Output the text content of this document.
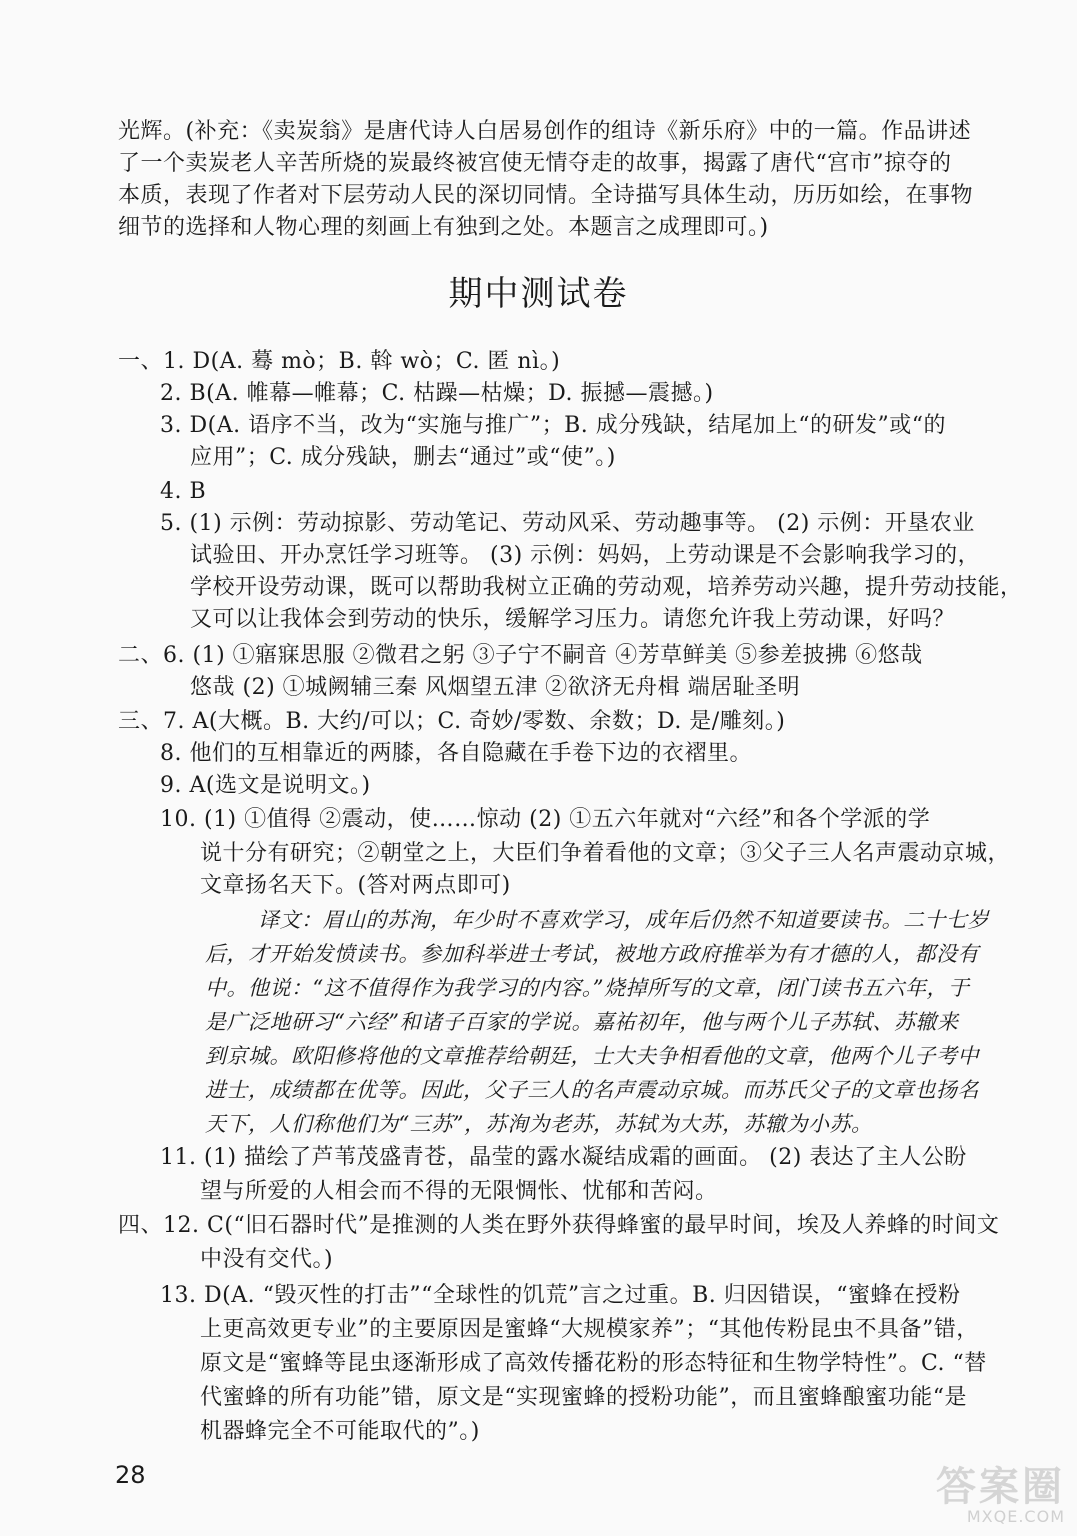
光辉。(补充：《卖炭翁》是唐代诗人白居易创作的组诗《新乐府》中的一篇。作品讲述
了一个卖炭老人辛苦所烧的炭最终被宫使无情夺走的故事，揭露了唐代“宫市”掠夺的
本质，表现了作者对下层劳动人民的深切同情。全诗描写具体生动，历历如绘，在事物
细节的选择和人物心理的刻画上有独到之处。本题言之成理即可。)
期中测试卷
一、1. D(A. 蓦 mò；B. 斡 wò；C. 匿 nì。)
2. B(A. 帷幕—帷幕；C. 枯躁—枯燥；D. 振撼—震撼。)
3. D(A. 语序不当，改为“实施与推广”；B. 成分残缺，结尾加上“的研发”或“的
应用”；C. 成分残缺，删去“通过”或“使”。)
4. B
5. (1) 示例：劳动掠影、劳动笔记、劳动风采、劳动趣事等。 (2) 示例：开垦农业
试验田、开办烹饪学习班等。 (3) 示例：妈妈，上劳动课是不会影响我学习的，
学校开设劳动课，既可以帮助我树立正确的劳动观，培养劳动兴趣，提升劳动技能，
又可以让我体会到劳动的快乐，缓解学习压力。请您允许我上劳动课，好吗？
二、6. (1) ①寤寐思服 ②微君之躬 ③子宁不嗣音 ④芳草鲜美 ⑤参差披拂 ⑥悠哉
悠哉 (2) ①城阙辅三秦 风烟望五津 ②欲济无舟楫 端居耻圣明
三、7. A(大概。B. 大约/可以；C. 奇妙/零数、余数；D. 是/雕刻。)
8. 他们的互相靠近的两膝，各自隐藏在手卷下边的衣褶里。
9. A(选文是说明文。)
10. (1) ①值得 ②震动，使……惊动 (2) ①五六年就对“六经”和各个学派的学
说十分有研究；②朝堂之上，大臣们争着看他的文章；③父子三人名声震动京城，
文章扬名天下。(答对两点即可)
译文：眉山的苏洵，年少时不喜欢学习，成年后仍然不知道要读书。二十七岁
后，才开始发愤读书。参加科举进士考试，被地方政府推举为有才德的人，都没有
中。他说：“这不值得作为我学习的内容。”烧掉所写的文章，闭门读书五六年，于
是广泛地研习“六经”和诸子百家的学说。嘉祐初年，他与两个儿子苏轼、苏辙来
到京城。欧阳修将他的文章推荐给朝廷，士大夫争相看他的文章，他两个儿子考中
进士，成绩都在优等。因此，父子三人的名声震动京城。而苏氏父子的文章也扬名
天下，人们称他们为“三苏”，苏洵为老苏，苏轼为大苏，苏辙为小苏。
11. (1) 描绘了芦苇茂盛青苍，晶莹的露水凝结成霜的画面。 (2) 表达了主人公盼
望与所爱的人相会而不得的无限惆怅、忧郁和苦闷。
四、12. C(“旧石器时代”是推测的人类在野外获得蜂蜜的最早时间，埃及人养蜂的时间文
中没有交代。)
13. D(A. “毁灭性的打击”“全球性的饥荒”言之过重。B. 归因错误，“蜜蜂在授粉
上更高效更专业”的主要原因是蜜蜂“大规模家养”；“其他传粉昆虫不具备”错，
原文是“蜜蜂等昆虫逐渐形成了高效传播花粉的形态特征和生物学特性”。C. “替
代蜜蜂的所有功能”错，原文是“实现蜜蜂的授粉功能”，而且蜜蜂酿蜜功能“是
机器蜂完全不可能取代的”。)
28	答案圈
MXQE.COM
